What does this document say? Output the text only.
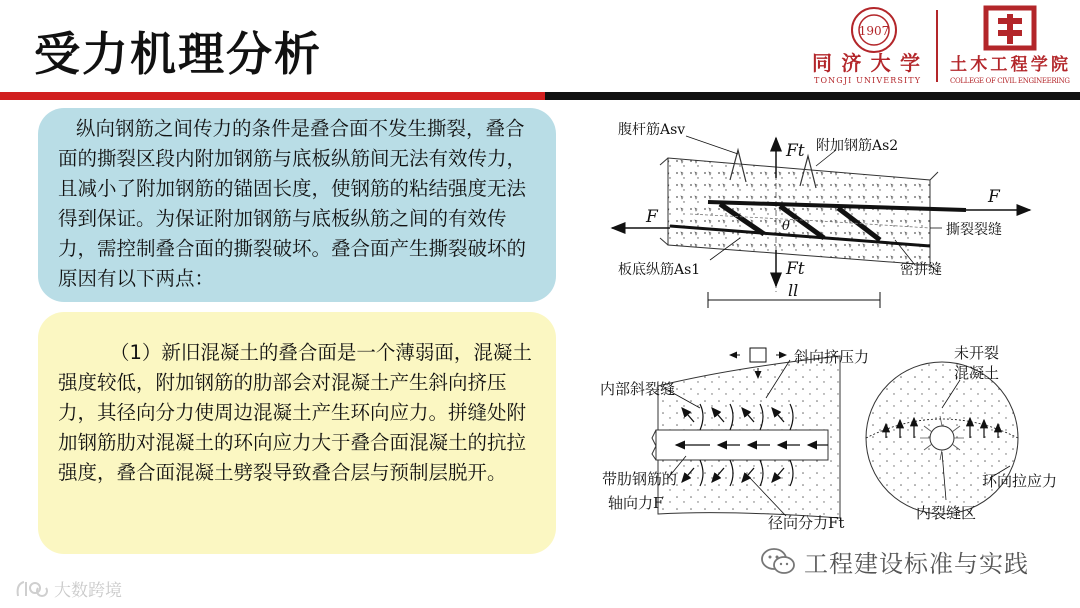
受力机理分析	1907
同济大学
TONGJI UNIVERSITY
土木工程学院
COLLEGE OF CIVIL ENGINEERING

纵向钢筋之间传力的条件是叠合面不发生撕裂，叠合面的撕裂区段内附加钢筋与底板纵筋间无法有效传力，且减小了附加钢筋的锚固长度，使钢筋的粘结强度无法得到保证。为保证附加钢筋与底板纵筋之间的有效传力，需控制叠合面的撕裂破坏。叠合面产生撕裂破坏的原因有以下两点：

（1）新旧混凝土的叠合面是一个薄弱面，混凝土强度较低，附加钢筋的肋部会对混凝土产生斜向挤压力，其径向分力使周边混凝土产生环向应力。拼缝处附加钢筋肋对混凝土的环向应力大于叠合面混凝土的抗拉强度，叠合面混凝土劈裂导致叠合层与预制层脱开。

腹杆筋Asv
附加钢筋As2
Ft
Ft
F
F
θ	撕裂裂缝
板底纵筋As1	密拼缝
ll
斜向挤压力
内部斜裂缝
带肋钢筋的
轴向力F
径向分力Ft
未开裂
混凝土
环向拉应力
内裂缝区
工程建设标准与实践
大数跨境
